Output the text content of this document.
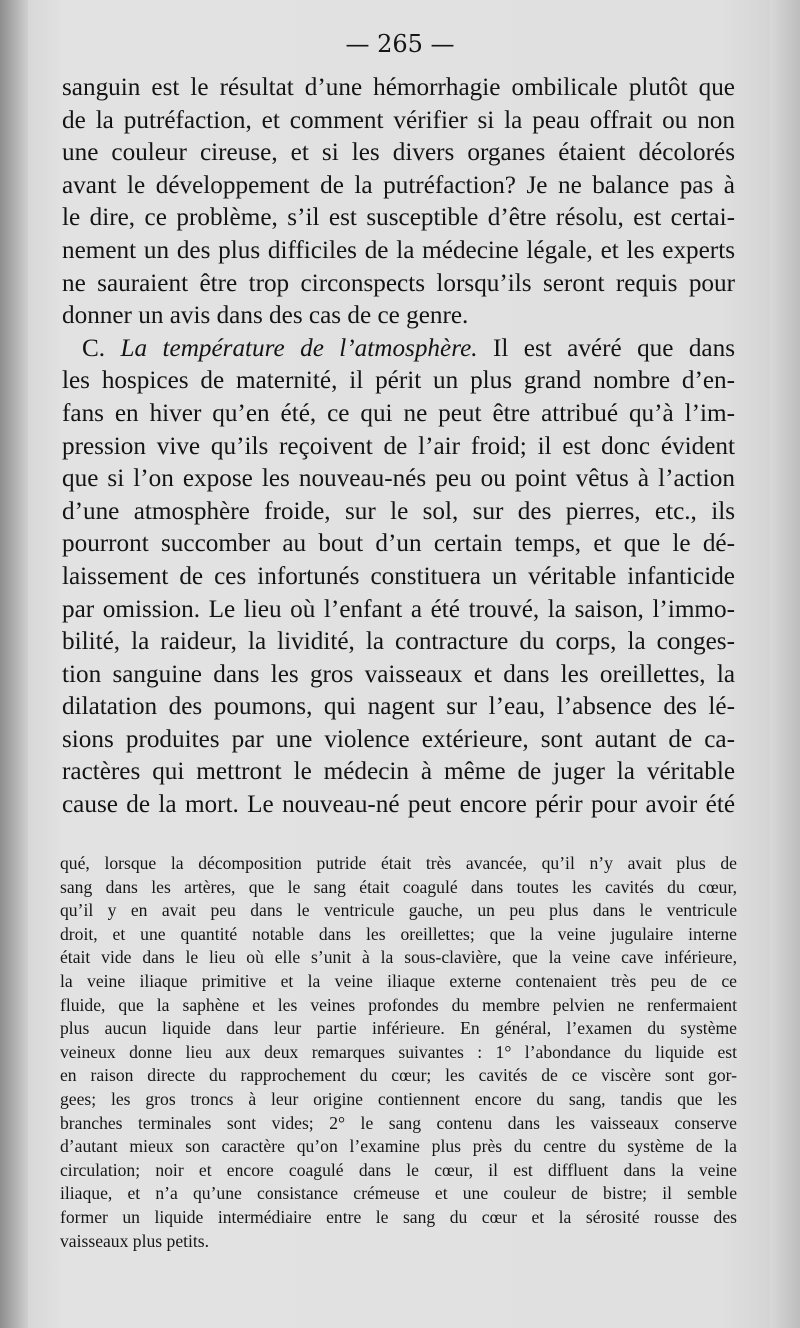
— 265 —
sanguin est le résultat d’une hémorrhagie ombilicale plutôt que
de la putréfaction, et comment vérifier si la peau offrait ou non
une couleur cireuse, et si les divers organes étaient décolorés
avant le développement de la putréfaction? Je ne balance pas à
le dire, ce problème, s’il est susceptible d’être résolu, est certai-
nement un des plus difficiles de la médecine légale, et les experts
ne sauraient être trop circonspects lorsqu’ils seront requis pour
donner un avis dans des cas de ce genre.
C. La température de l’atmosphère. Il est avéré que dans
les hospices de maternité, il périt un plus grand nombre d’en-
fans en hiver qu’en été, ce qui ne peut être attribué qu’à l’im-
pression vive qu’ils reçoivent de l’air froid; il est donc évident
que si l’on expose les nouveau-nés peu ou point vêtus à l’action
d’une atmosphère froide, sur le sol, sur des pierres, etc., ils
pourront succomber au bout d’un certain temps, et que le dé-
laissement de ces infortunés constituera un véritable infanticide
par omission. Le lieu où l’enfant a été trouvé, la saison, l’immo-
bilité, la raideur, la lividité, la contracture du corps, la conges-
tion sanguine dans les gros vaisseaux et dans les oreillettes, la
dilatation des poumons, qui nagent sur l’eau, l’absence des lé-
sions produites par une violence extérieure, sont autant de ca-
ractères qui mettront le médecin à même de juger la véritable
cause de la mort. Le nouveau-né peut encore périr pour avoir été
qué, lorsque la décomposition putride était très avancée, qu’il n’y avait plus de
sang dans les artères, que le sang était coagulé dans toutes les cavités du cœur,
qu’il y en avait peu dans le ventricule gauche, un peu plus dans le ventricule
droit, et une quantité notable dans les oreillettes; que la veine jugulaire interne
était vide dans le lieu où elle s’unit à la sous-clavière, que la veine cave inférieure,
la veine iliaque primitive et la veine iliaque externe contenaient très peu de ce
fluide, que la saphène et les veines profondes du membre pelvien ne renfermaient
plus aucun liquide dans leur partie inférieure. En général, l’examen du système
veineux donne lieu aux deux remarques suivantes : 1° l’abondance du liquide est
en raison directe du rapprochement du cœur; les cavités de ce viscère sont gor-
gees; les gros troncs à leur origine contiennent encore du sang, tandis que les
branches terminales sont vides; 2° le sang contenu dans les vaisseaux conserve
d’autant mieux son caractère qu’on l’examine plus près du centre du système de la
circulation; noir et encore coagulé dans le cœur, il est diffluent dans la veine
iliaque, et n’a qu’une consistance crémeuse et une couleur de bistre; il semble
former un liquide intermédiaire entre le sang du cœur et la sérosité rousse des
vaisseaux plus petits.
